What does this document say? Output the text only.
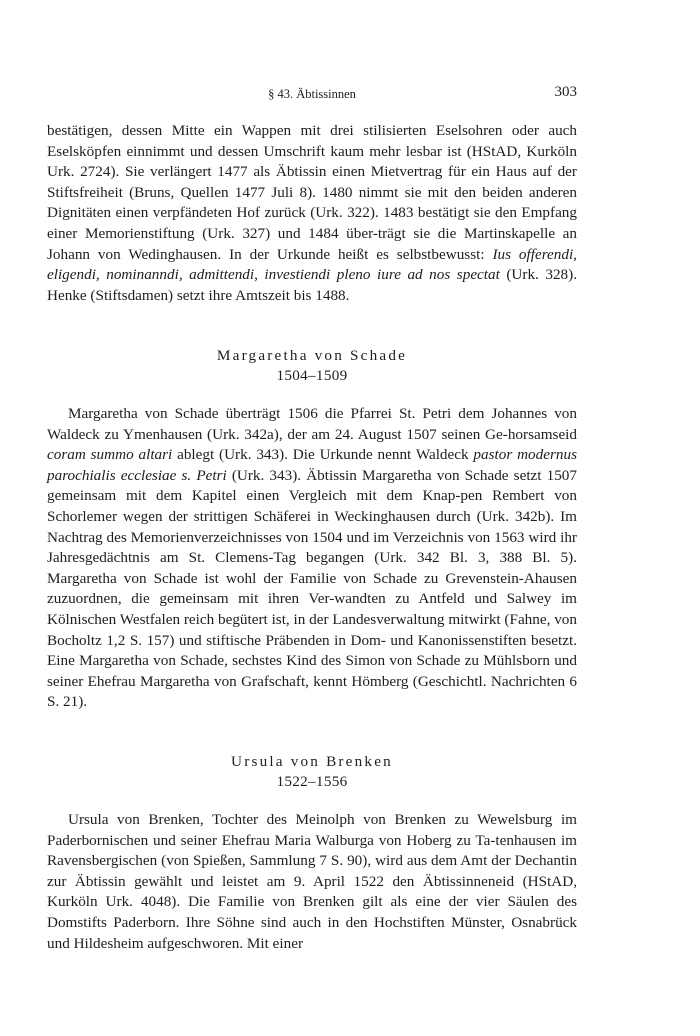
§ 43. Äbtissinnen	303

bestätigen, dessen Mitte ein Wappen mit drei stilisierten Eselsohren oder auch Eselsköpfen einnimmt und dessen Umschrift kaum mehr lesbar ist (HStAD, Kurköln Urk. 2724). Sie verlängert 1477 als Äbtissin einen Mietvertrag für ein Haus auf der Stiftsfreiheit (Bruns, Quellen 1477 Juli 8). 1480 nimmt sie mit den beiden anderen Dignitäten einen verpfändeten Hof zurück (Urk. 322). 1483 bestätigt sie den Empfang einer Memorienstiftung (Urk. 327) und 1484 über-trägt sie die Martinskapelle an Johann von Wedinghausen. In der Urkunde heißt es selbstbewusst: Ius offerendi, eligendi, nominanndi, admittendi, investiendi pleno iure ad nos spectat (Urk. 328). Henke (Stiftsdamen) setzt ihre Amtszeit bis 1488.

Margaretha von Schade
1504–1509

Margaretha von Schade überträgt 1506 die Pfarrei St. Petri dem Johannes von Waldeck zu Ymenhausen (Urk. 342a), der am 24. August 1507 seinen Ge-horsamseid coram summo altari ablegt (Urk. 343). Die Urkunde nennt Waldeck pastor modernus parochialis ecclesiae s. Petri (Urk. 343). Äbtissin Margaretha von Schade setzt 1507 gemeinsam mit dem Kapitel einen Vergleich mit dem Knap-pen Rembert von Schorlemer wegen der strittigen Schäferei in Weckinghausen durch (Urk. 342b). Im Nachtrag des Memorienverzeichnisses von 1504 und im Verzeichnis von 1563 wird ihr Jahresgedächtnis am St. Clemens-Tag begangen (Urk. 342 Bl. 3, 388 Bl. 5). Margaretha von Schade ist wohl der Familie von Schade zu Grevenstein-Ahausen zuzuordnen, die gemeinsam mit ihren Ver-wandten zu Antfeld und Salwey im Kölnischen Westfalen reich begütert ist, in der Landesverwaltung mitwirkt (Fahne, von Bocholtz 1,2 S. 157) und stiftische Präbenden in Dom- und Kanonissenstiften besetzt. Eine Margaretha von Schade, sechstes Kind des Simon von Schade zu Mühlsborn und seiner Ehefrau Margaretha von Grafschaft, kennt Hömberg (Geschichtl. Nachrichten 6 S. 21).

Ursula von Brenken
1522–1556

Ursula von Brenken, Tochter des Meinolph von Brenken zu Wewelsburg im Paderbornischen und seiner Ehefrau Maria Walburga von Hoberg zu Ta-tenhausen im Ravensbergischen (von Spießen, Sammlung 7 S. 90), wird aus dem Amt der Dechantin zur Äbtissin gewählt und leistet am 9. April 1522 den Äbtissinneneid (HStAD, Kurköln Urk. 4048). Die Familie von Brenken gilt als eine der vier Säulen des Domstifts Paderborn. Ihre Söhne sind auch in den Hochstiften Münster, Osnabrück und Hildesheim aufgeschworen. Mit einer
